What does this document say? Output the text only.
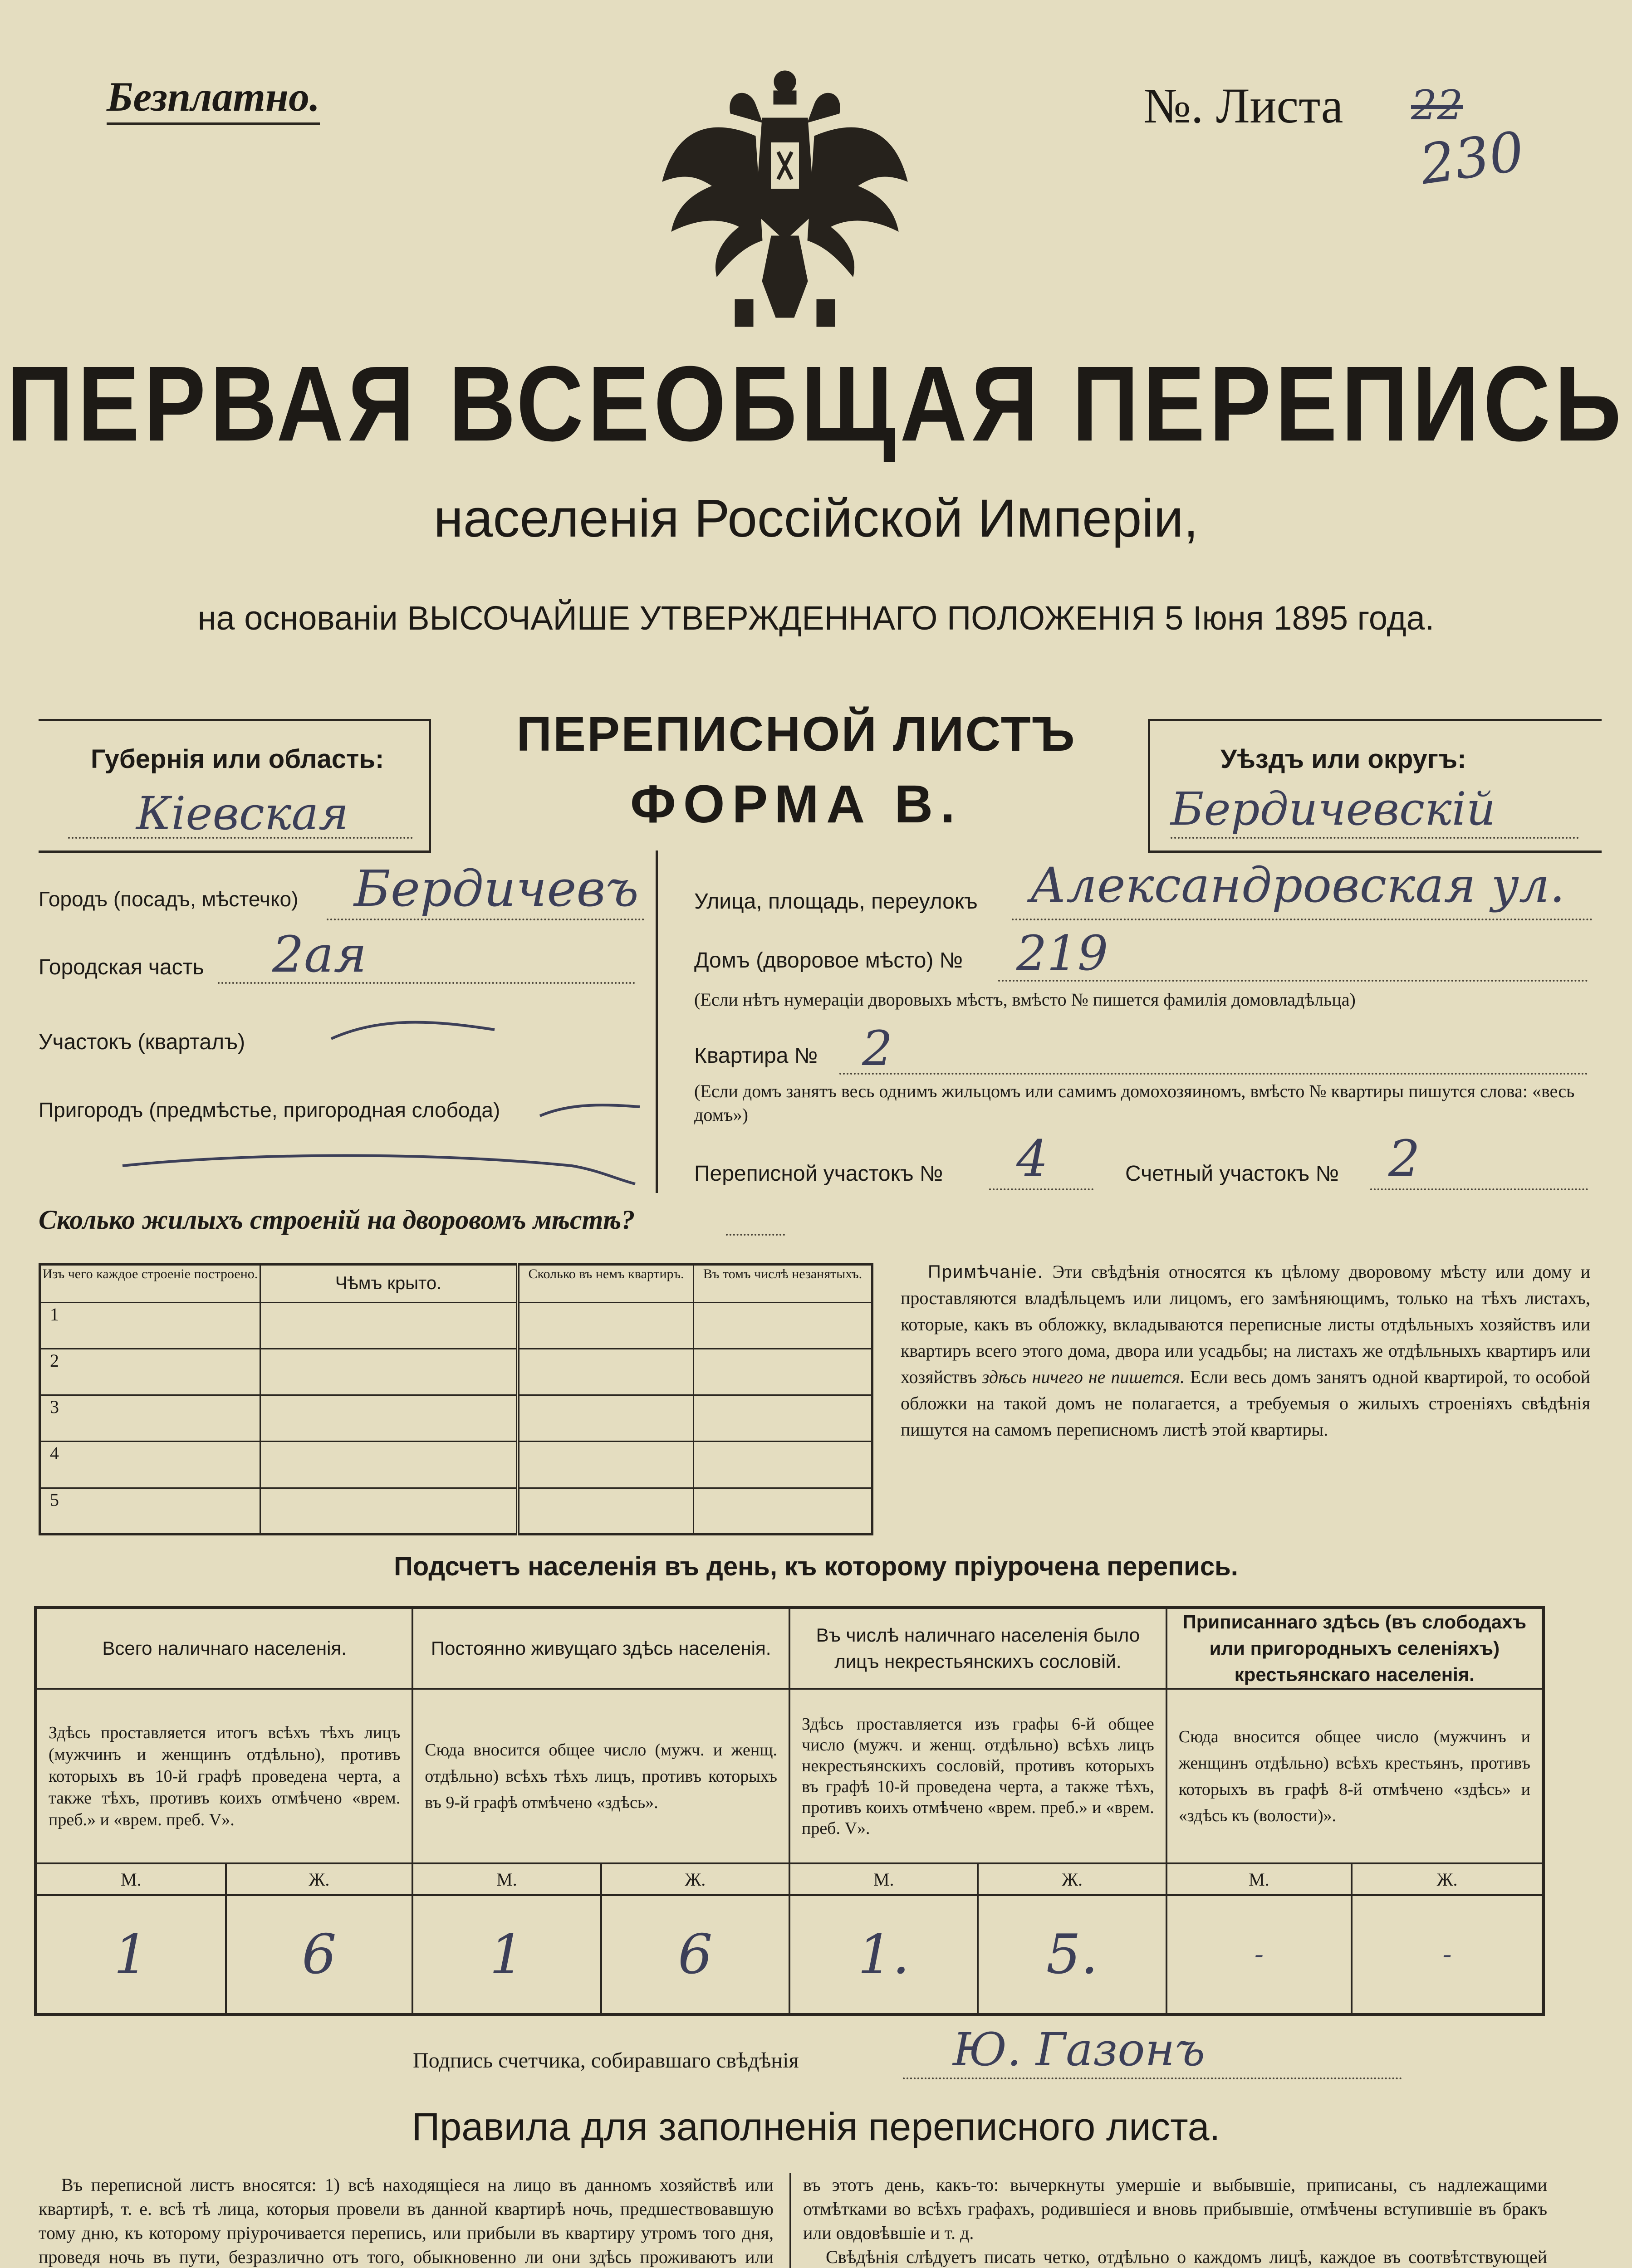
Безплатно.	№. Листа 22
230
ПЕРВАЯ ВСЕОБЩАЯ ПЕРЕПИСЬ
населенія Россійской Имперіи,
на основаніи ВЫСОЧАЙШЕ УТВЕРЖДЕННАГО ПОЛОЖЕНІЯ 5 Іюня 1895 года.
Губернія или область:
Кіевская
ПЕРЕПИСНОЙ ЛИСТЪ
ФОРМА В.
Уѣздъ или округъ:
Бердичевскій
Городъ (посадъ, мѣстечко) Бердичевъ
Городская часть 2ая
Участокъ (кварталъ)
Пригородъ (предмѣстье, пригородная слобода)
Улица, площадь, переулокъ Александровская ул.
Домъ (дворовое мѣсто) № 219
(Если нѣтъ нумераціи дворовыхъ мѣстъ, вмѣсто № пишется фамилія домовладѣльца)
Квартира № 2
(Если домъ занятъ весь однимъ жильцомъ или самимъ домохозяиномъ, вмѣсто № квартиры пишутся слова: «весь домъ»)
Переписной участокъ № 4	Счетный участокъ № 2
Сколько жилыхъ строеній на дворовомъ мѣстѣ?
Изъ чего каждое строеніе построено.	Чѣмъ крыто.	Сколько въ немъ квартиръ.	Въ томъ числѣ незанятыхъ.
1			
2			
3			
4			
5			
Примѣчаніе. Эти свѣдѣнія относятся къ цѣлому дворовому мѣсту или дому и проставляются владѣльцемъ или лицомъ, его замѣняющимъ, только на тѣхъ листахъ, которые, какъ въ обложку, вкладываются переписные листы отдѣльныхъ хозяйствъ или квартиръ всего этого дома, двора или усадьбы; на листахъ же отдѣльныхъ квартиръ или хозяйствъ здѣсь ничего не пишется. Если весь домъ занятъ одной квартирой, то особой обложки на такой домъ не полагается, а требуемыя о жилыхъ строеніяхъ свѣдѣнія пишутся на самомъ переписномъ листѣ этой квартиры.
Подсчетъ населенія въ день, къ которому пріурочена перепись.
Всего наличнаго населенія.		Постоянно живущаго здѣсь населенія.		Въ числѣ наличнаго населенія было лицъ некрестьянскихъ сословій.		Приписаннаго здѣсь (въ слободахъ или пригородныхъ селеніяхъ) крестьянскаго населенія.	
Здѣсь проставляется итогъ всѣхъ тѣхъ лицъ (мужчинъ и женщинъ отдѣльно), противъ которыхъ въ 10-й графѣ проведена черта, а также тѣхъ, противъ коихъ отмѣчено «врем. преб.» и «врем. преб. V».		Сюда вносится общее число (мужч. и женщ. отдѣльно) всѣхъ тѣхъ лицъ, противъ которыхъ въ 9-й графѣ отмѣчено «здѣсь».		Здѣсь проставляется изъ графы 6-й общее число (мужч. и женщ. отдѣльно) всѣхъ лицъ некрестьянскихъ сословій, противъ которыхъ въ графѣ 10-й проведена черта, а также тѣхъ, противъ коихъ отмѣчено «врем. преб.» и «врем. преб. V».		Сюда вносится общее число (мужчинъ и женщинъ отдѣльно) всѣхъ крестьянъ, противъ которыхъ въ графѣ 8-й отмѣчено «здѣсь» и «здѣсь къ (волости)».	
М.	Ж.	М.	Ж.	М.	Ж.	М.	Ж.
1	6	1	6	1.	5.	-	-
Подпись счетчика, собиравшаго свѣдѣнія	Ю. Газонъ
Правила для заполненія переписного листа.

Въ переписной листъ вносятся: 1) всѣ находящіеся на лицо въ данномъ хозяйствѣ или квартирѣ, т. е. всѣ тѣ лица, которыя провели въ данной квартирѣ ночь, предшествовавшую тому дню, къ которому пріурочивается перепись, или прибыли въ квартиру утромъ того дня, проведя ночь въ пути, безразлично отъ того, обыкновенно ли они здѣсь проживаютъ или

въ этотъ день, какъ-то: вычеркнуты умершіе и выбывшіе, приписаны, съ надлежащими отмѣтками во всѣхъ графахъ, родившіеся и вновь прибывшіе, отмѣчены вступившіе въ бракъ или овдовѣвшіе и т. д.

Свѣдѣнія слѣдуетъ писать четко, отдѣльно о каждомъ лицѣ, каждое въ соотвѣтствующей
